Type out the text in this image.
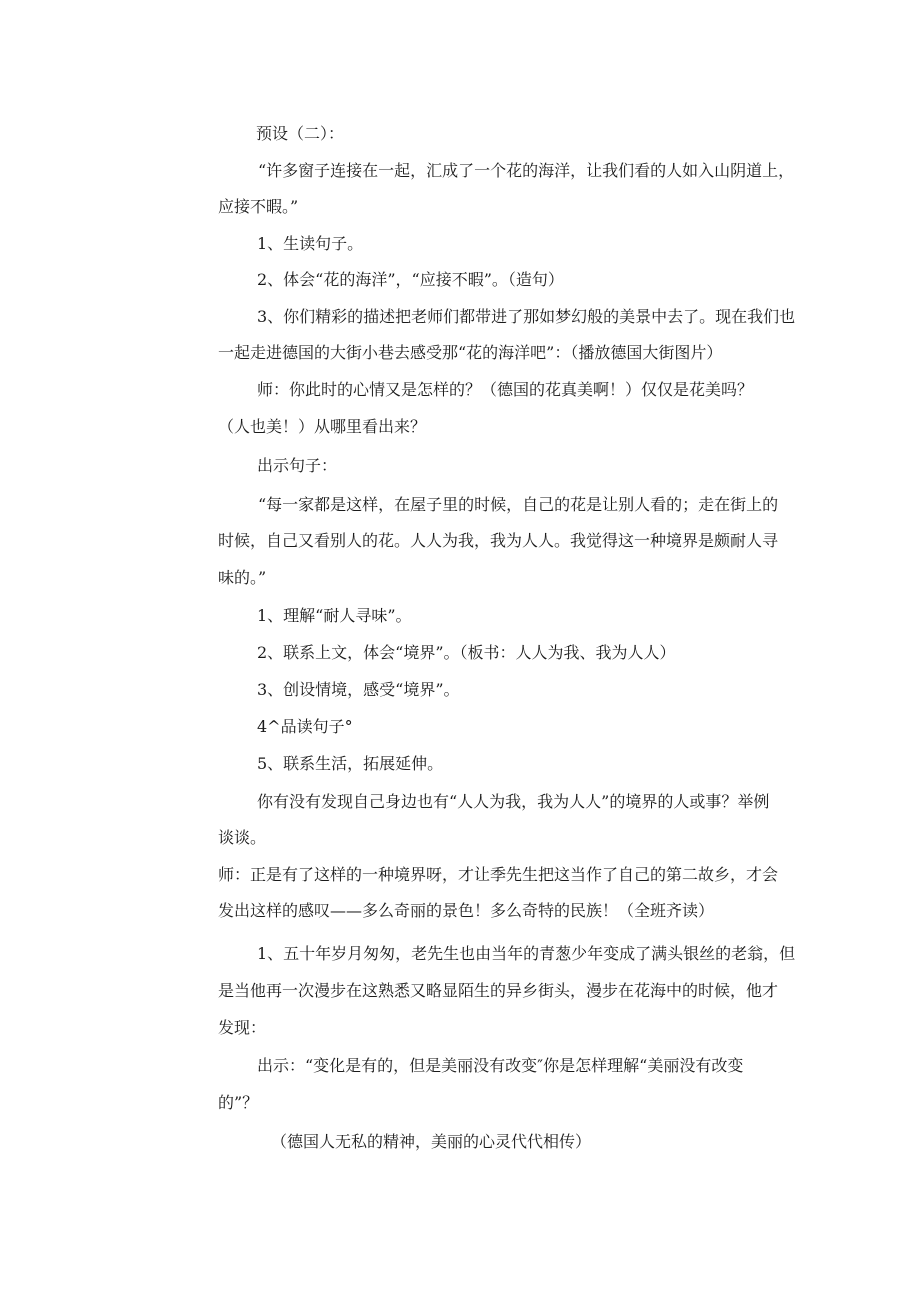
预设（二）：

“许多窗子连接在一起，汇成了一个花的海洋，让我们看的人如入山阴道上，

应接不暇。”

1、生读句子。

2、体会“花的海洋”，“应接不暇”。（造句）

3、你们精彩的描述把老师们都带进了那如梦幻般的美景中去了。现在我们也

一起走进德国的大街小巷去感受那“花的海洋吧”：（播放德国大街图片）

师：你此时的心情又是怎样的？（德国的花真美啊！）仅仅是花美吗？

（人也美！）从哪里看出来？

出示句子：

“每一家都是这样，在屋子里的时候，自己的花是让别人看的；走在街上的

时候，自己又看别人的花。人人为我，我为人人。我觉得这一种境界是颇耐人寻

味的。”

1、理解“耐人寻味”。

2、联系上文，体会“境界”。（板书：人人为我、我为人人）

3、创设情境，感受“境界”。

4^品读句子°

5、联系生活，拓展延伸。

你有没有发现自己身边也有“人人为我，我为人人”的境界的人或事？举例

谈谈。

师：正是有了这样的一种境界呀，才让季先生把这当作了自己的第二故乡，才会

发出这样的感叹——多么奇丽的景色！多么奇特的民族！（全班齐读）

1、五十年岁月匆匆，老先生也由当年的青葱少年变成了满头银丝的老翁，但

是当他再一次漫步在这熟悉又略显陌生的异乡街头，漫步在花海中的时候，他才

发现：

出示：“变化是有的，但是美丽没有改变″你是怎样理解“美丽没有改变

的”？

（德国人无私的精神，美丽的心灵代代相传）
